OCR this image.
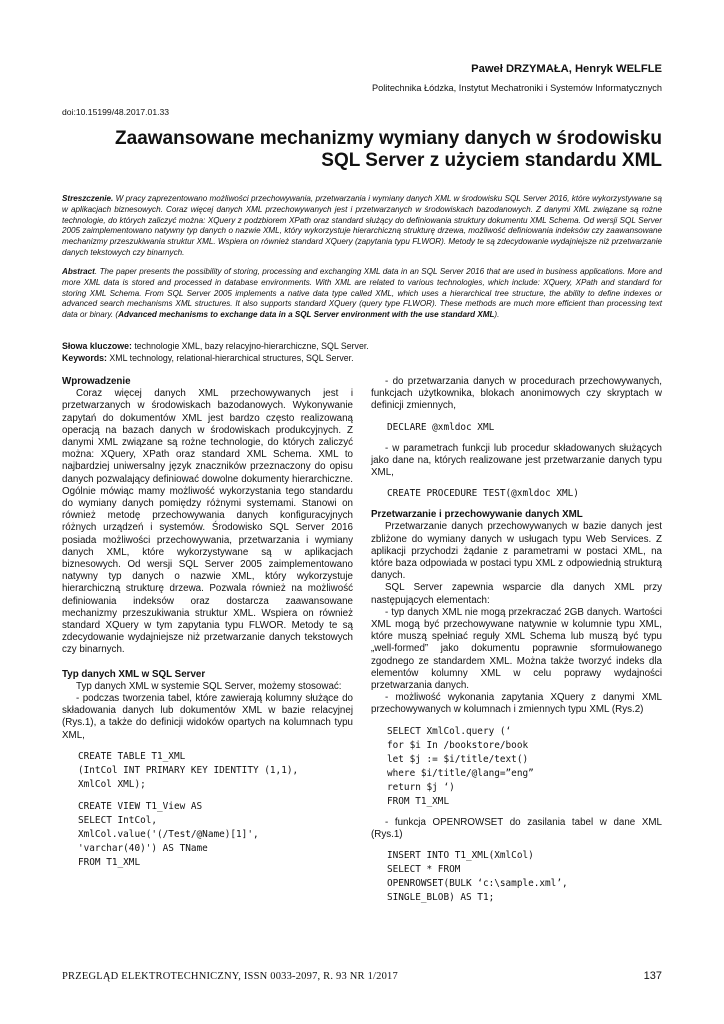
Paweł DRZYMAŁA, Henryk WELFLE
Politechnika Łódzka, Instytut Mechatroniki i Systemów Informatycznych
doi:10.15199/48.2017.01.33
Zaawansowane mechanizmy wymiany danych w środowisku
SQL Server z użyciem standardu XML
Streszczenie. W pracy zaprezentowano możliwości przechowywania, przetwarzania i wymiany danych XML w środowisku SQL Server 2016, które wykorzystywane są w aplikacjach biznesowych. Coraz więcej danych XML przechowywanych jest i przetwarzanych w środowiskach bazodanowych. Z danymi XML związane są rożne technologie, do których zaliczyć można: XQuery z podzbiorem XPath oraz standard służący do definiowania struktury dokumentu XML Schema. Od wersji SQL Server 2005 zaimplementowano natywny typ danych o nazwie XML, który wykorzystuje hierarchiczną strukturę drzewa, możliwość definiowania indeksów czy zaawansowane mechanizmy przeszukiwania struktur XML. Wspiera on również standard XQuery (zapytania typu FLWOR). Metody te są zdecydowanie wydajniejsze niż przetwarzanie danych tekstowych czy binarnych.
Abstract. The paper presents the possibility of storing, processing and exchanging XML data in an SQL Server 2016 that are used in business applications. More and more XML data is stored and processed in database environments. With XML are related to various technologies, which include: XQuery, XPath and standard for storing XML Schema. From SQL Server 2005 implements a native data type called XML, which uses a hierarchical tree structure, the ability to define indexes or advanced search mechanisms XML structures. It also supports standard XQuery (query type FLWOR). These methods are much more efficient than processing text data or binary. (Advanced mechanisms to exchange data in a SQL Server environment with the use standard XML).
Słowa kluczowe: technologie XML, bazy relacyjno-hierarchiczne, SQL Server.
Keywords: XML technology, relational-hierarchical structures, SQL Server.
Wprowadzenie

Coraz więcej danych XML przechowywanych jest i przetwarzanych w środowiskach bazodanowych. Wykonywanie zapytań do dokumentów XML jest bardzo często realizowaną operacją na bazach danych w środowiskach produkcyjnych. Z danymi XML związane są rożne technologie, do których zaliczyć można: XQuery, XPath oraz standard XML Schema. XML to najbardziej uniwersalny język znaczników przeznaczony do opisu danych pozwalający definiować dowolne dokumenty hierarchiczne. Ogólnie mówiąc mamy możliwość wykorzystania tego standardu do wymiany danych pomiędzy różnymi systemami. Stanowi on również metodę przechowywania danych konfiguracyjnych różnych urządzeń i systemów. Środowisko SQL Server 2016 posiada możliwości przechowywania, przetwarzania i wymiany danych XML, które wykorzystywane są w aplikacjach biznesowych. Od wersji SQL Server 2005 zaimplementowano natywny typ danych o nazwie XML, który wykorzystuje hierarchiczną strukturę drzewa. Pozwala również na możliwość definiowania indeksów oraz dostarcza zaawansowane mechanizmy przeszukiwania struktur XML. Wspiera on również standard XQuery w tym zapytania typu FLWOR. Metody te są zdecydowanie wydajniejsze niż przetwarzanie danych tekstowych czy binarnych.

Typ danych XML w SQL Server

Typ danych XML w systemie SQL Server, możemy stosować:

- podczas tworzenia tabel, które zawierają kolumny służące do składowania danych lub dokumentów XML w bazie relacyjnej (Rys.1), a także do definicji widoków opartych na kolumnach typu XML,

CREATE TABLE T1_XML
(IntCol INT PRIMARY KEY IDENTITY (1,1),
XmlCol XML);
CREATE VIEW T1_View AS
SELECT IntCol,
XmlCol.value('(/Test/@Name)[1]',
'varchar(40)') AS TName
FROM T1_XML

- do przetwarzania danych w procedurach przechowywanych, funkcjach użytkownika, blokach anonimowych czy skryptach w definicji zmiennych,

DECLARE @xmldoc XML

- w parametrach funkcji lub procedur składowanych służących jako dane na, których realizowane jest przetwarzanie danych typu XML,

CREATE PROCEDURE TEST(@xmldoc XML)
Przetwarzanie i przechowywanie danych XML

Przetwarzanie danych przechowywanych w bazie danych jest zbliżone do wymiany danych w usługach typu Web Services. Z aplikacji przychodzi żądanie z parametrami w postaci XML, na które baza odpowiada w postaci typu XML z odpowiednią strukturą danych.

SQL Server zapewnia wsparcie dla danych XML przy następujących elementach:

- typ danych XML nie mogą przekraczać 2GB danych. Wartości XML mogą być przechowywane natywnie w kolumnie typu XML, które muszą spełniać reguły XML Schema lub muszą być typu „well-formed” jako dokumentu poprawnie sformułowanego zgodnego ze standardem XML. Można także tworzyć indeks dla elementów kolumny XML w celu poprawy wydajności przetwarzania danych.

- możliwość wykonania zapytania XQuery z danymi XML przechowywanych w kolumnach i zmiennych typu XML (Rys.2)

SELECT XmlCol.query (‘
for $i In /bookstore/book
let $j := $i/title/text()
where $i/title/@lang=”eng”
return $j ‘)
FROM T1_XML

- funkcja OPENROWSET do zasilania tabel w dane XML (Rys.1)

INSERT INTO T1_XML(XmlCol)
SELECT * FROM
OPENROWSET(BULK ‘c:\sample.xml’,
SINGLE_BLOB) AS T1;
PRZEGLĄD ELEKTROTECHNICZNY, ISSN 0033-2097, R. 93 NR 1/2017	137
